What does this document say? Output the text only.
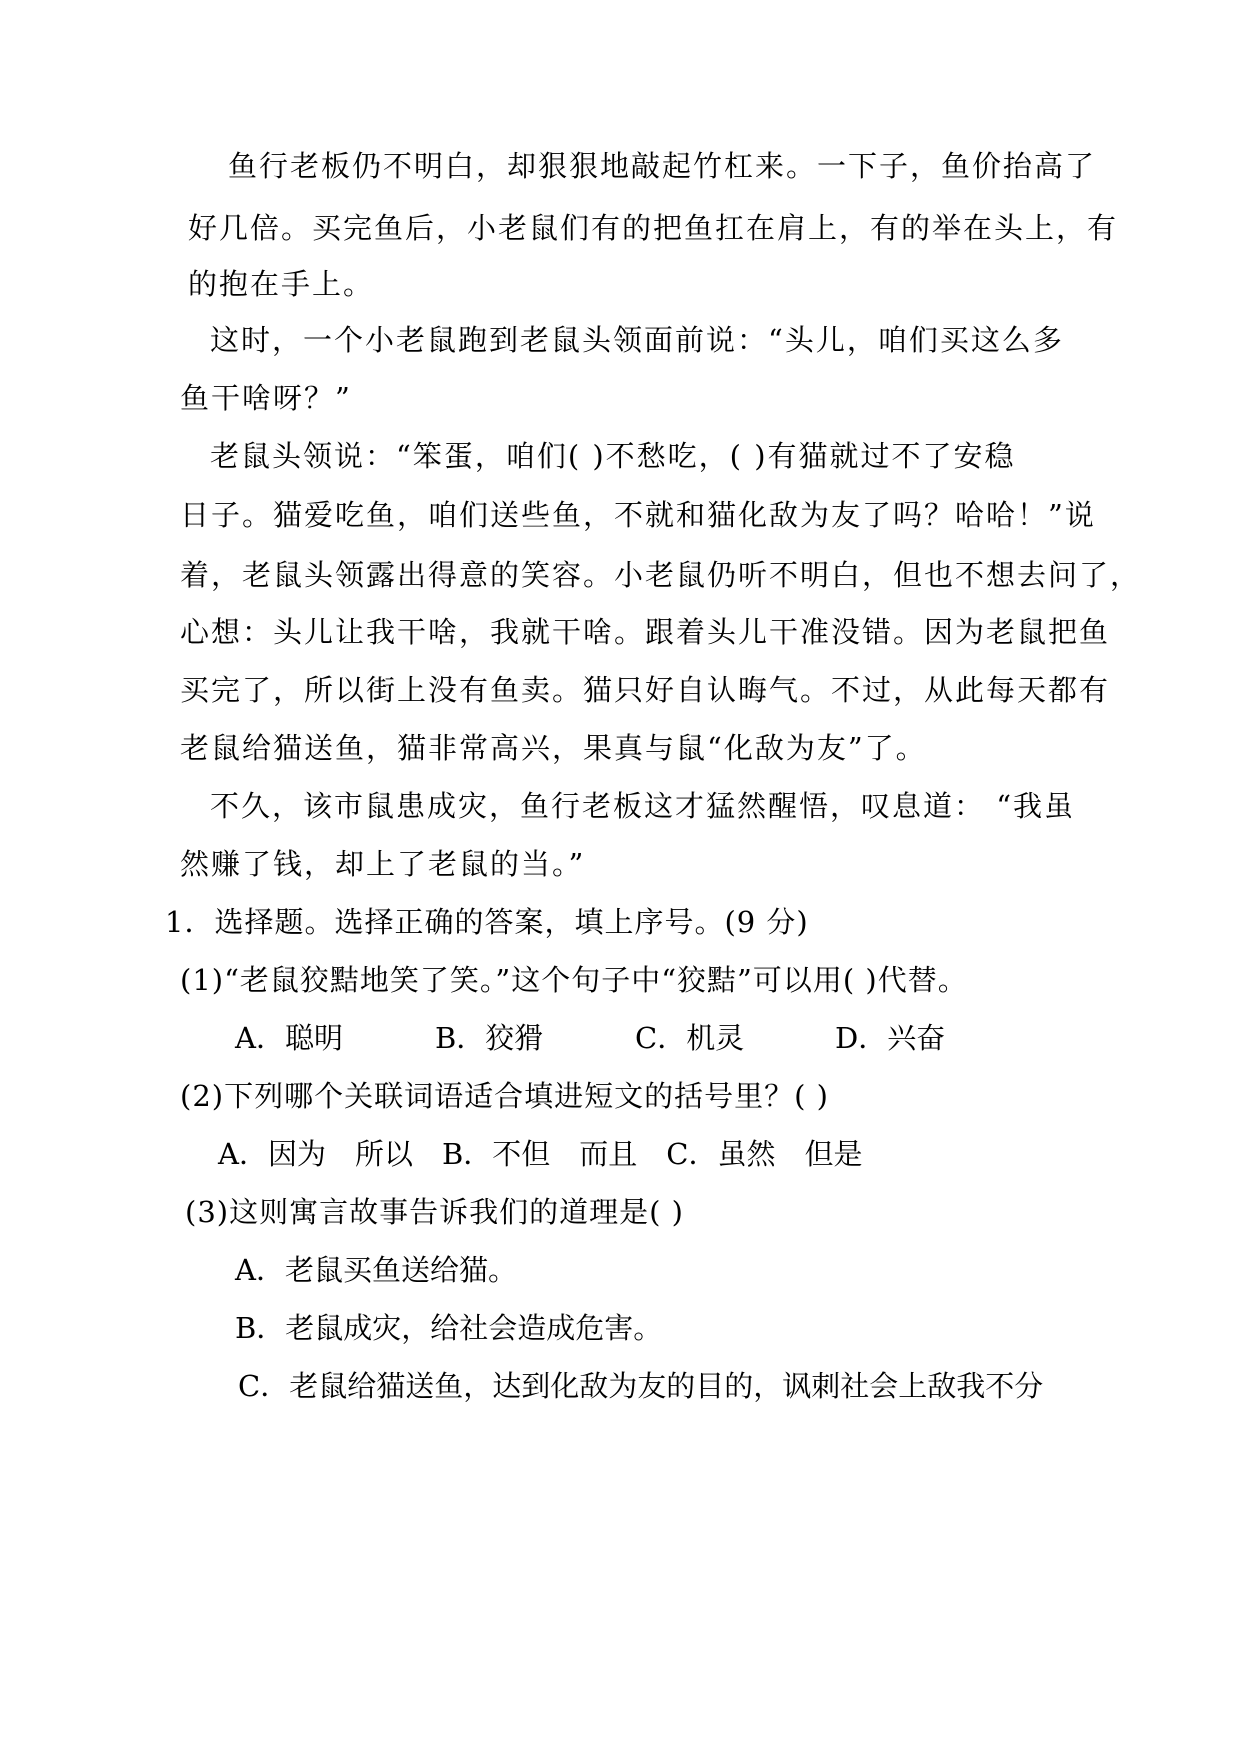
鱼行老板仍不明白，却狠狠地敲起竹杠来。一下子，鱼价抬高了
好几倍。买完鱼后，小老鼠们有的把鱼扛在肩上，有的举在头上，有
的抱在手上。
这时，一个小老鼠跑到老鼠头领面前说：“头儿，咱们买这么多
鱼干啥呀？”
老鼠头领说：“笨蛋，咱们( )不愁吃，( )有猫就过不了安稳
日子。猫爱吃鱼，咱们送些鱼，不就和猫化敌为友了吗？哈哈！”说
着，老鼠头领露出得意的笑容。小老鼠仍听不明白，但也不想去问了，
心想：头儿让我干啥，我就干啥。跟着头儿干准没错。因为老鼠把鱼
买完了，所以街上没有鱼卖。猫只好自认晦气。不过，从此每天都有
老鼠给猫送鱼，猫非常高兴，果真与鼠“化敌为友”了。
不久，该市鼠患成灾，鱼行老板这才猛然醒悟，叹息道： “我虽
然赚了钱，却上了老鼠的当。”
1．选择题。选择正确的答案，填上序号。(9 分)
(1)“老鼠狡黠地笑了笑。”这个句子中“狡黠”可以用( )代替。
A．聪明	B．狡猾	C．机灵	D．兴奋
(2)下列哪个关联词语适合填进短文的括号里？( )
A．因为　所以　B．不但　而且　C．虽然　但是
(3)这则寓言故事告诉我们的道理是( )
A．老鼠买鱼送给猫。
B．老鼠成灾，给社会造成危害。
C．老鼠给猫送鱼，达到化敌为友的目的，讽刺社会上敌我不分
